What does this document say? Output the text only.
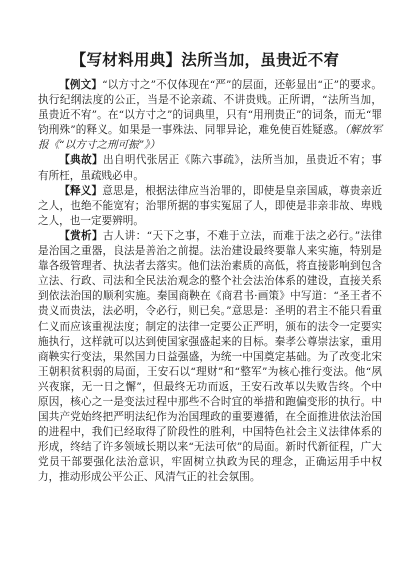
【写材料用典】法所当加，虽贵近不宥

【例文】“以方寸之”不仅体现在“严”的层面，还彰显出“正”的要求。执行纪纲法度的公正，当是不论亲疏、不讲贵贱。正所谓，“法所当加，虽贵近不宥”。在“以方寸之”的词典里，只有“用刑贵正”的词条，而无“罪钧刑殊”的释义。如果是一事殊法、同罪异论，难免使百姓疑惑。（解放军报《“以方寸之刑可振”》）

【典故】出自明代张居正《陈六事疏》，法所当加，虽贵近不宥；事有所枉，虽疏贱必申。

【释义】意思是，根据法律应当治罪的，即使是皇亲国戚，尊贵亲近之人，也绝不能宽宥；治罪所据的事实冤屈了人，即使是非亲非故、卑贱之人，也一定要辨明。

【赏析】古人讲：“天下之事，不难于立法，而难于法之必行。”法律是治国之重器，良法是善治之前提。法治建设最终要靠人来实施，特别是靠各级管理者、执法者去落实。他们法治素质的高低，将直接影响到包含立法、行政、司法和全民法治观念的整个社会法治体系的建设，直接关系到依法治国的顺利实施。秦国商鞅在《商君书·画策》中写道：“圣王者不贵义而贵法，法必明，令必行，则已矣。”意思是：圣明的君主不能只看重仁义而应该重视法度；制定的法律一定要公正严明，颁布的法令一定要实施执行，这样就可以达到使国家强盛起来的目标。秦孝公尊崇法家，重用商鞅实行变法，果然国力日益强盛，为统一中国奠定基础。为了改变北宋王朝积贫积弱的局面，王安石以“理财”和“整军”为核心推行变法。他“夙兴夜寐，无一日之懈”，但最终无功而返，王安石改革以失败告终。个中原因，核心之一是变法过程中那些不合时宜的举措和跑偏变形的执行。中国共产党始终把严明法纪作为治国理政的重要遵循，在全面推进依法治国的进程中，我们已经取得了阶段性的胜利，中国特色社会主义法律体系的形成，终结了许多领域长期以来“无法可依”的局面。新时代新征程，广大党员干部要强化法治意识，牢固树立执政为民的理念，正确运用手中权力，推动形成公平公正、风清气正的社会氛围。
